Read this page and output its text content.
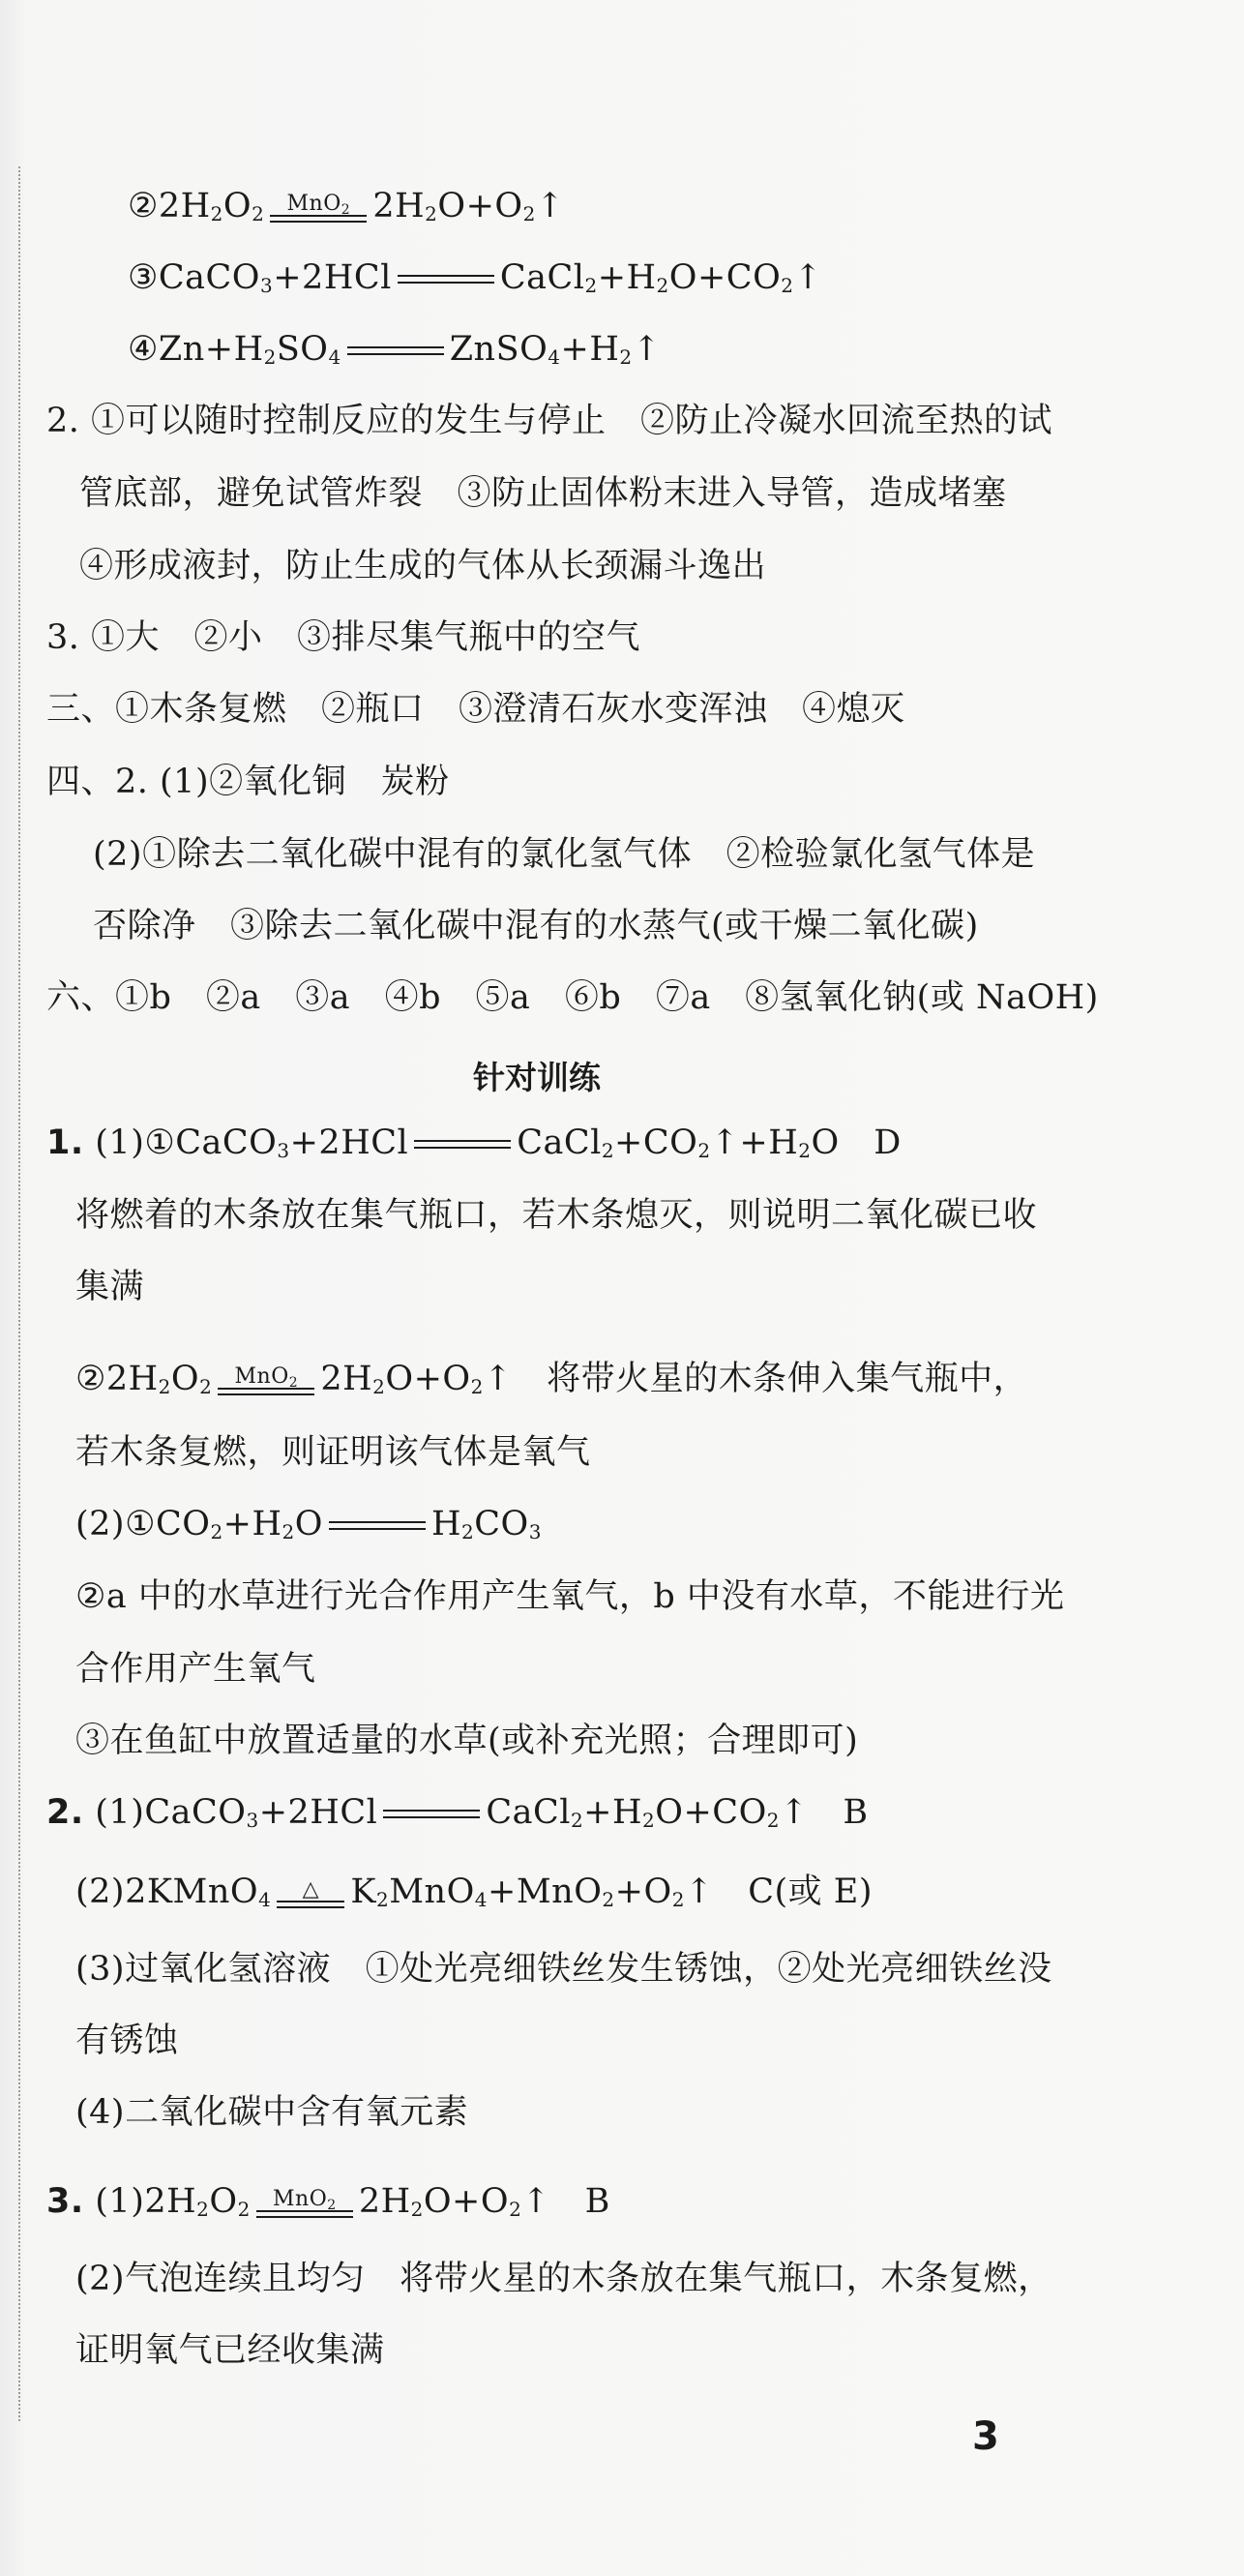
$②2H_2O_2$	MnO$_2$ $2H_2O+O_2↑$
③CaCO$_3$+2HCl	$CaCl_2+H_2O+CO_2↑$
$④Zn+H_2SO_4$	$ZnSO_4+H_2↑$
2. ①可以随时控制反应的发生与停止　②防止冷凝水回流至热的试
管底部，避免试管炸裂　③防止固体粉末进入导管，造成堵塞
④形成液封，防止生成的气体从长颈漏斗逸出
3. ①大　②小　③排尽集气瓶中的空气
三、①木条复燃　②瓶口　③澄清石灰水变浑浊　④熄灭
四、2. (1)②氧化铜　炭粉
(2)①除去二氧化碳中混有的氯化氢气体　②检验氯化氢气体是
否除净　③除去二氧化碳中混有的水蒸气(或干燥二氧化碳)
六、①b　②a　③a　④b　⑤a　⑥b　⑦a　⑧氢氧化钠(或 NaOH)
针对训练
1. (1)①CaCO$_3$+2HCl	$CaCl_2+CO_2↑+H_2O$　D
将燃着的木条放在集气瓶口，若木条熄灭，则说明二氧化碳已收
集满
$②2H_2O_2$	MnO$_2$ $2H_2O+O_2↑$　将带火星的木条伸入集气瓶中，
若木条复燃，则证明该气体是氧气
$(2)①CO_2+H_2O$	$H_2CO_3$
②a 中的水草进行光合作用产生氧气，b 中没有水草，不能进行光
合作用产生氧气
③在鱼缸中放置适量的水草(或补充光照；合理即可)
2. (1)CaCO$_3$+2HCl	$CaCl_2+H_2O+CO_2↑$　B
(2)2KMnO$_4$	△ $K_2MnO_4+MnO_2+O_2↑$　C(或 E)
(3)过氧化氢溶液　①处光亮细铁丝发生锈蚀，②处光亮细铁丝没
有锈蚀
(4)二氧化碳中含有氧元素
3. $(1)2H_2O_2$	MnO$_2$ $2H_2O+O_2↑$　B
(2)气泡连续且均匀　将带火星的木条放在集气瓶口，木条复燃，
证明氧气已经收集满
3
